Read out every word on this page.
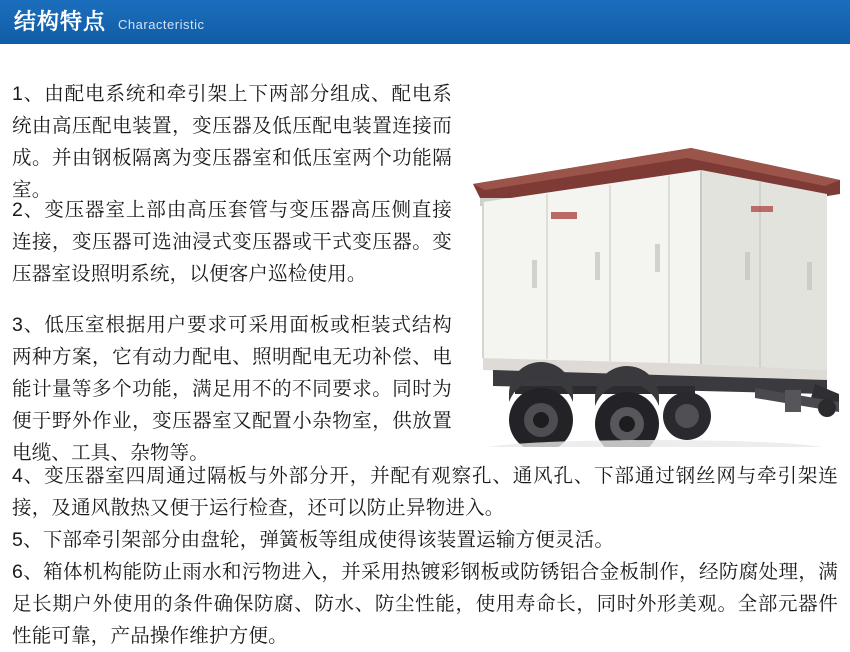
结构特点 Characteristic

1、由配电系统和牵引架上下两部分组成、配电系统由高压配电装置，变压器及低压配电装置连接而成。并由钢板隔离为变压器室和低压室两个功能隔室。

2、变压器室上部由高压套管与变压器高压侧直接连接，变压器可选油浸式变压器或干式变压器。变压器室设照明系统，以便客户巡检使用。

3、低压室根据用户要求可采用面板或柜装式结构两种方案，它有动力配电、照明配电无功补偿、电能计量等多个功能，满足用不的不同要求。同时为便于野外作业，变压器室又配置小杂物室，供放置电缆、工具、杂物等。

4、变压器室四周通过隔板与外部分开，并配有观察孔、通风孔、下部通过钢丝网与牵引架连接，及通风散热又便于运行检查，还可以防止异物进入。

5、下部牵引架部分由盘轮，弹簧板等组成使得该装置运输方便灵活。

6、箱体机构能防止雨水和污物进入，并采用热镀彩钢板或防锈铝合金板制作，经防腐处理，满足长期户外使用的条件确保防腐、防水、防尘性能，使用寿命长，同时外形美观。全部元器件性能可靠，产品操作维护方便。
